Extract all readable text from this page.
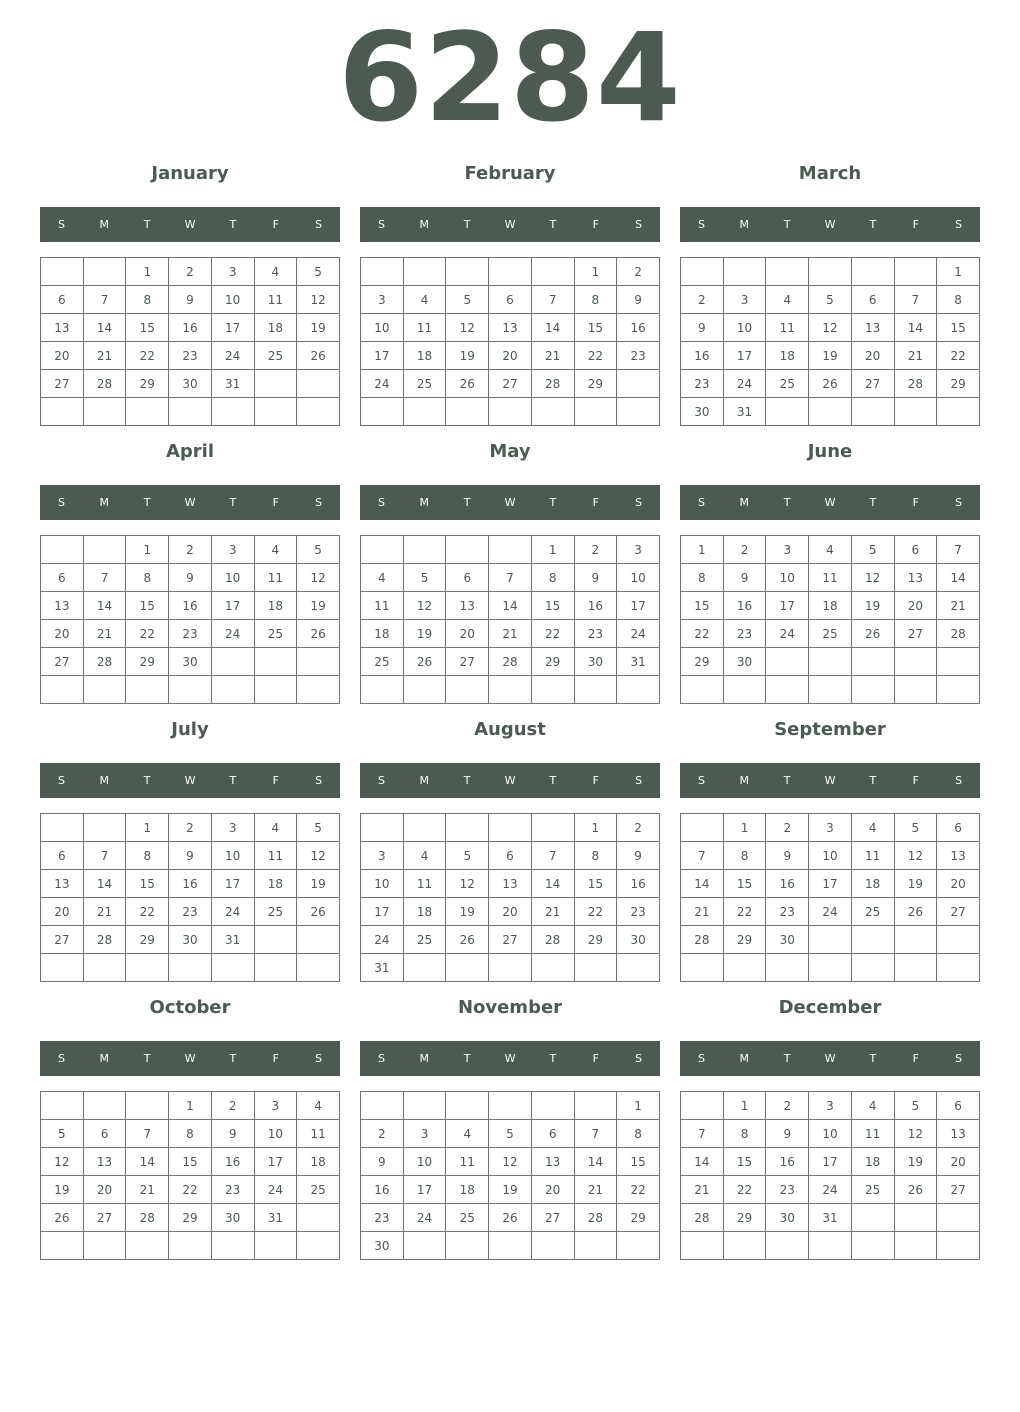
6284
January
S	M	T	W	T	F	S
		1	2	3	4	5
6	7	8	9	10	11	12
13	14	15	16	17	18	19
20	21	22	23	24	25	26
27	28	29	30	31		

February
S	M	T	W	T	F	S
					1	2
3	4	5	6	7	8	9
10	11	12	13	14	15	16
17	18	19	20	21	22	23
24	25	26	27	28	29	

March
S	M	T	W	T	F	S
						1
2	3	4	5	6	7	8
9	10	11	12	13	14	15
16	17	18	19	20	21	22
23	24	25	26	27	28	29
30	31					
April
S	M	T	W	T	F	S
		1	2	3	4	5
6	7	8	9	10	11	12
13	14	15	16	17	18	19
20	21	22	23	24	25	26
27	28	29	30			

May
S	M	T	W	T	F	S
				1	2	3
4	5	6	7	8	9	10
11	12	13	14	15	16	17
18	19	20	21	22	23	24
25	26	27	28	29	30	31

June
S	M	T	W	T	F	S
1	2	3	4	5	6	7
8	9	10	11	12	13	14
15	16	17	18	19	20	21
22	23	24	25	26	27	28
29	30					

July
S	M	T	W	T	F	S
		1	2	3	4	5
6	7	8	9	10	11	12
13	14	15	16	17	18	19
20	21	22	23	24	25	26
27	28	29	30	31		

August
S	M	T	W	T	F	S
					1	2
3	4	5	6	7	8	9
10	11	12	13	14	15	16
17	18	19	20	21	22	23
24	25	26	27	28	29	30
31						
September
S	M	T	W	T	F	S
	1	2	3	4	5	6
7	8	9	10	11	12	13
14	15	16	17	18	19	20
21	22	23	24	25	26	27
28	29	30				

October
S	M	T	W	T	F	S
			1	2	3	4
5	6	7	8	9	10	11
12	13	14	15	16	17	18
19	20	21	22	23	24	25
26	27	28	29	30	31	

November
S	M	T	W	T	F	S
						1
2	3	4	5	6	7	8
9	10	11	12	13	14	15
16	17	18	19	20	21	22
23	24	25	26	27	28	29
30						
December
S	M	T	W	T	F	S
	1	2	3	4	5	6
7	8	9	10	11	12	13
14	15	16	17	18	19	20
21	22	23	24	25	26	27
28	29	30	31			
